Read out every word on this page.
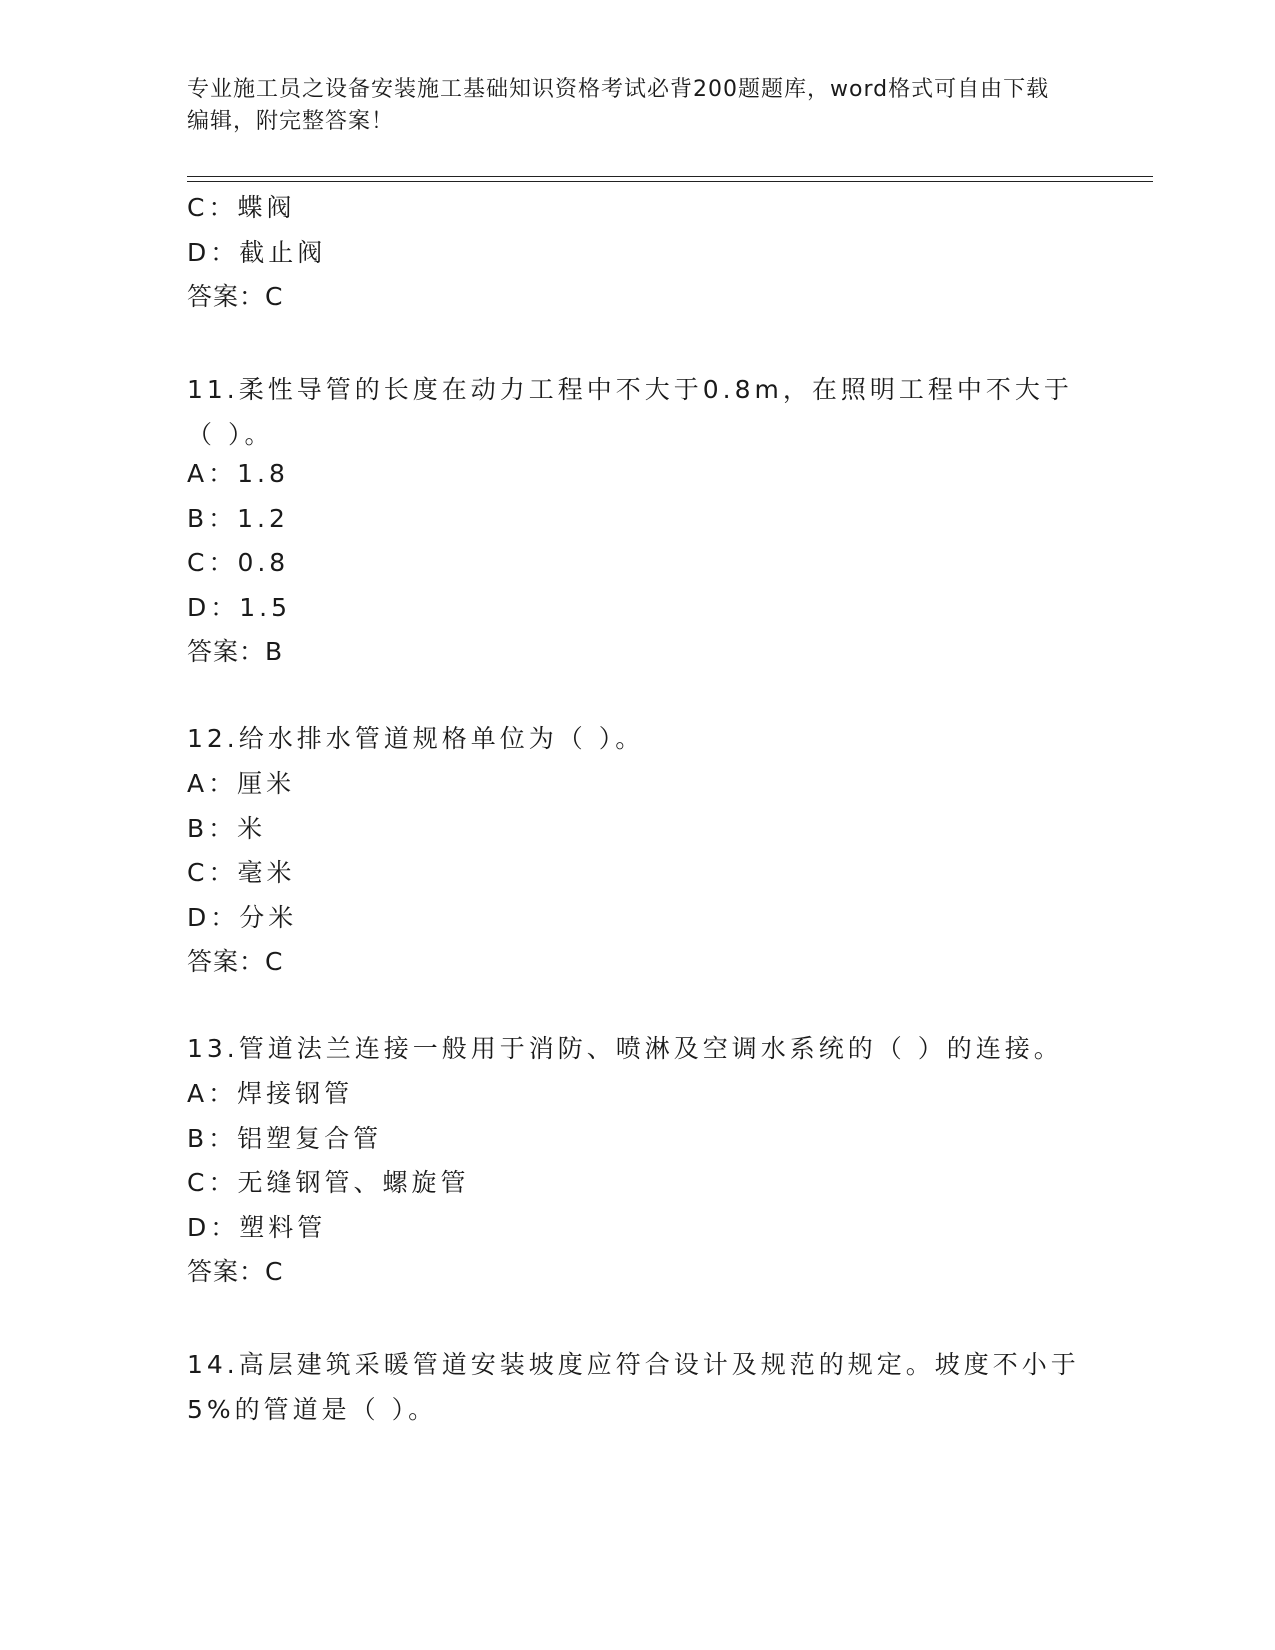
专业施工员之设备安装施工基础知识资格考试必背200题题库，word格式可自由下载编辑，附完整答案！
C：蝶阀
D：截止阀
答案：C
11.柔性导管的长度在动力工程中不大于0.8m，在照明工程中不大于（ ）。
A：1.8
B：1.2
C：0.8
D：1.5
答案：B
12.给水排水管道规格单位为（ ）。
A：厘米
B：米
C：毫米
D：分米
答案：C
13.管道法兰连接一般用于消防、喷淋及空调水系统的（ ）的连接。
A：焊接钢管
B：铝塑复合管
C：无缝钢管、螺旋管
D：塑料管
答案：C
14.高层建筑采暖管道安装坡度应符合设计及规范的规定。坡度不小于5%的管道是（ ）。
